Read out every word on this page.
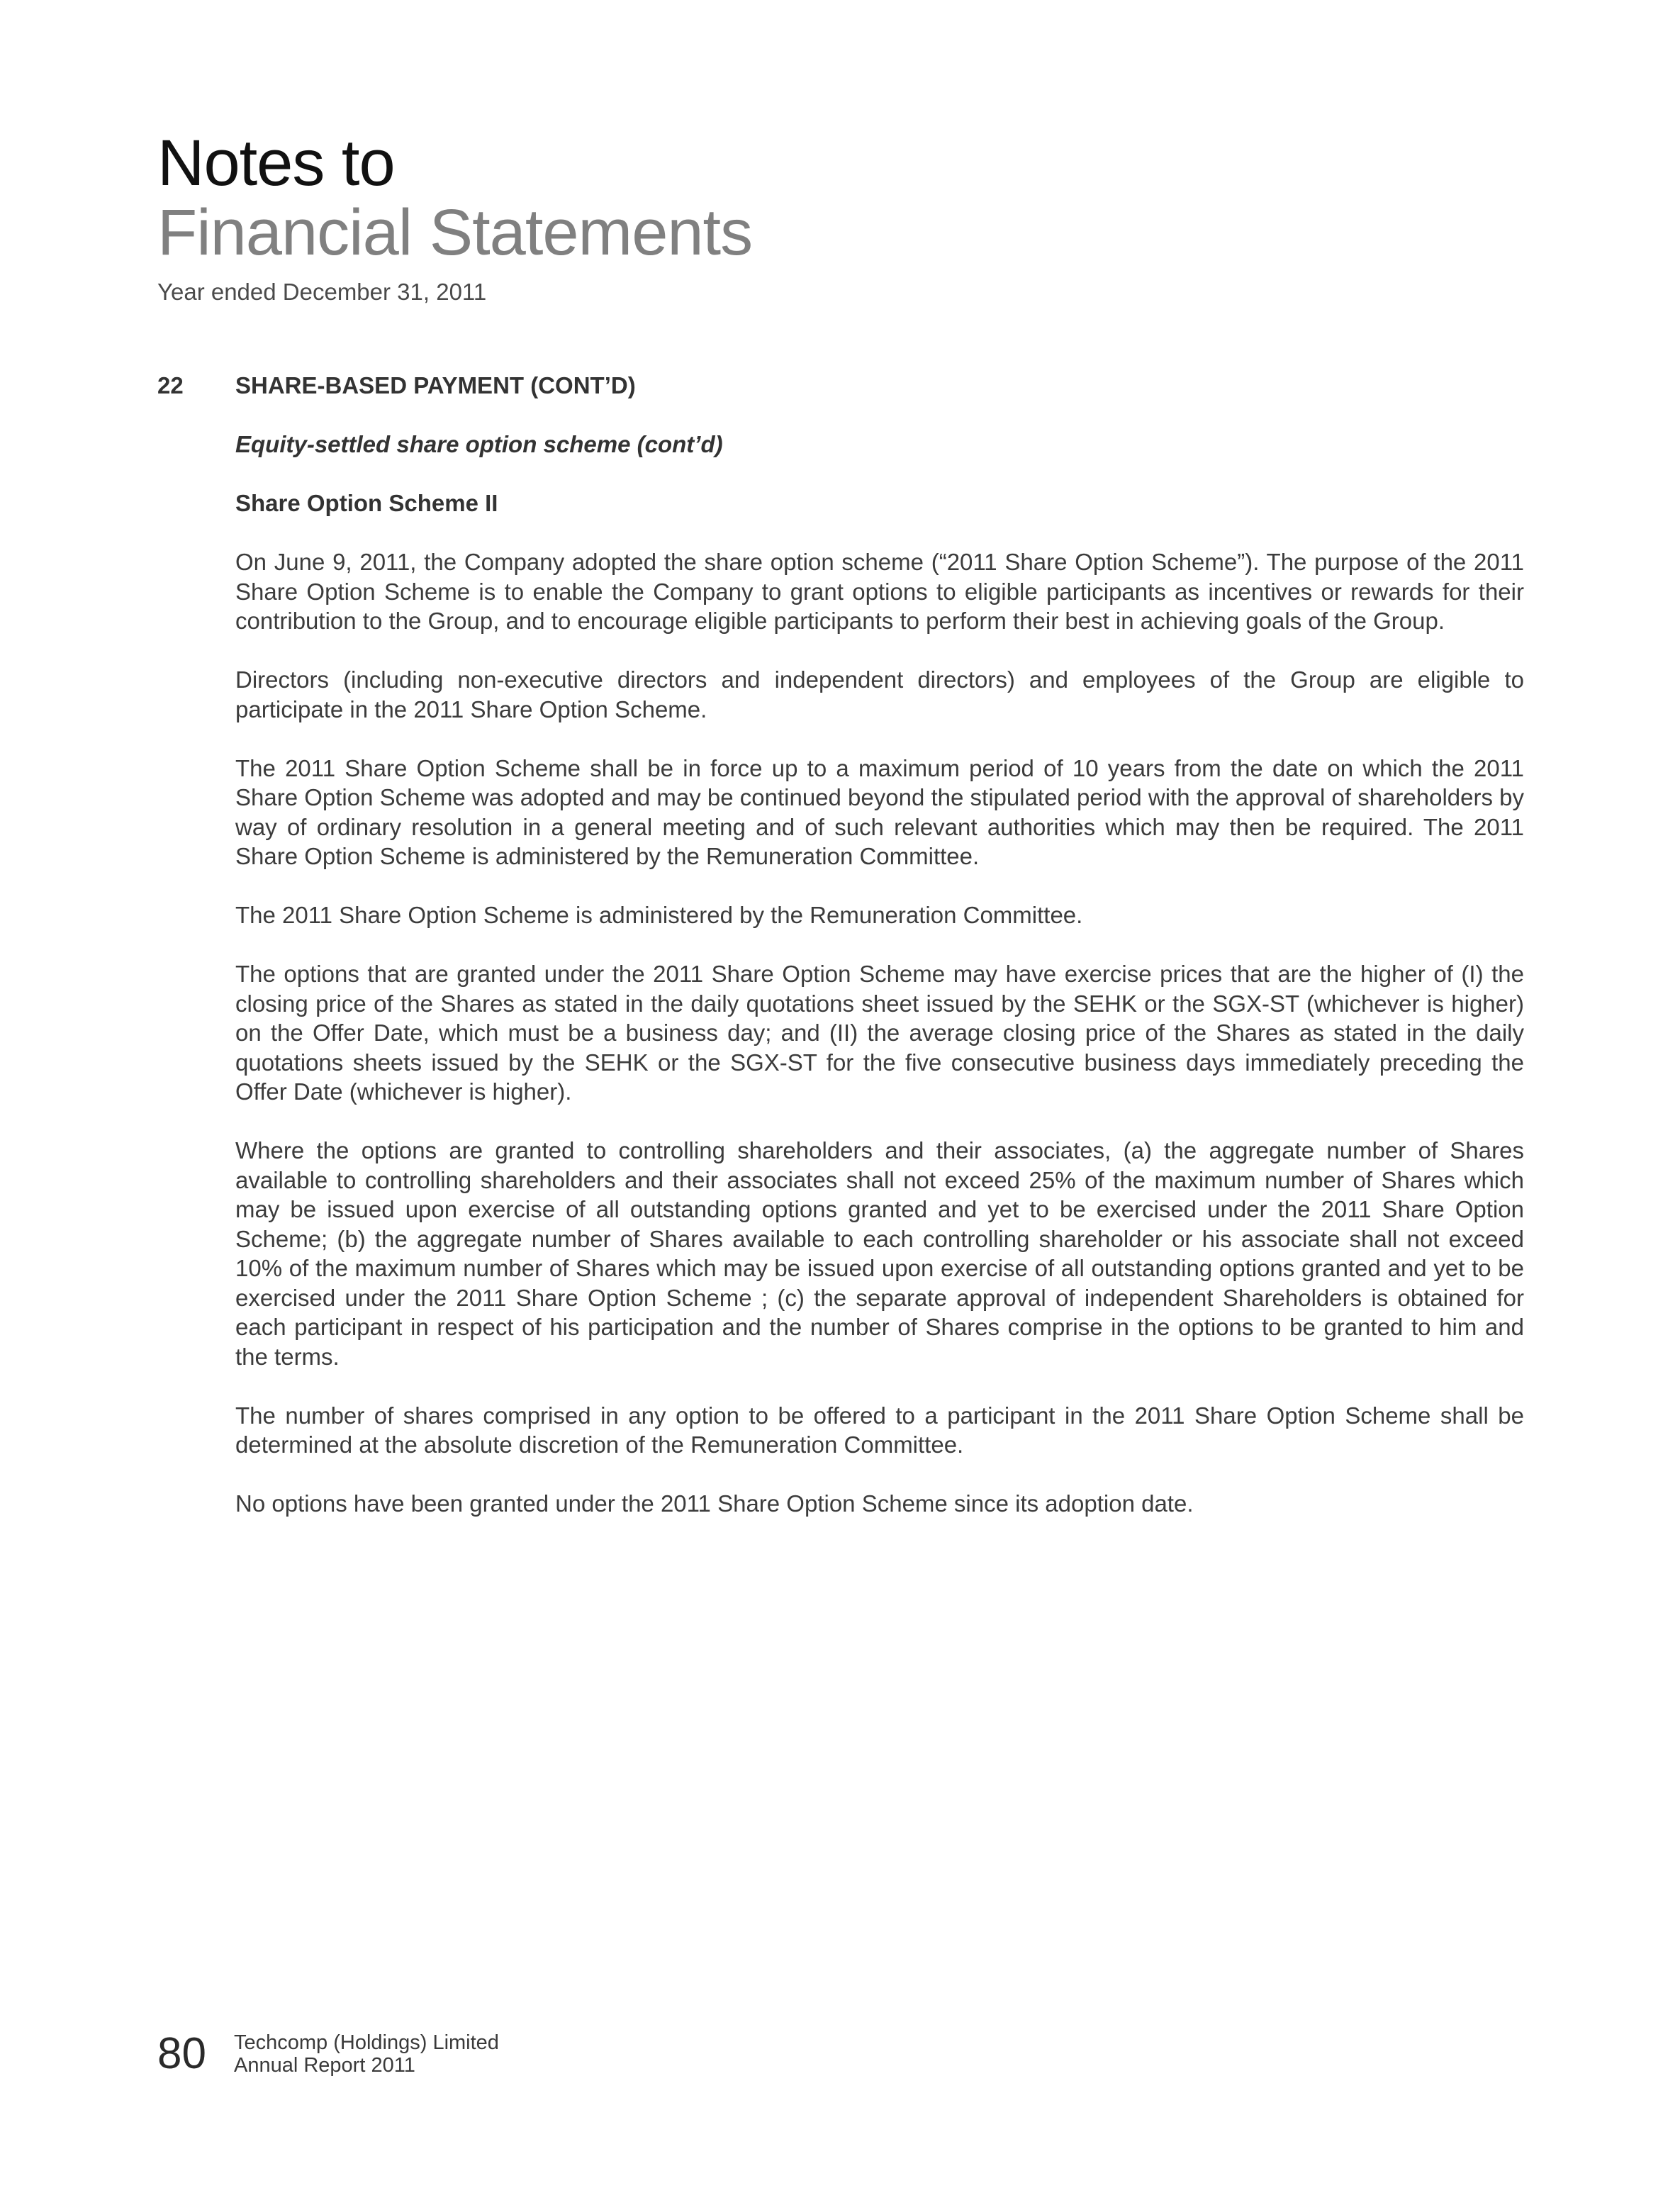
Notes to
Financial Statements
Year ended December 31, 2011
22 SHARE-BASED PAYMENT (CONT’D)

Equity-settled share option scheme (cont’d)

Share Option Scheme II

On June 9, 2011, the Company adopted the share option scheme (“2011 Share Option Scheme”). The purpose of the 2011 Share Option Scheme is to enable the Company to grant options to eligible participants as incentives or rewards for their contribution to the Group, and to encourage eligible participants to perform their best in achieving goals of the Group.

Directors (including non-executive directors and independent directors) and employees of the Group are eligible to participate in the 2011 Share Option Scheme.

The 2011 Share Option Scheme shall be in force up to a maximum period of 10 years from the date on which the 2011 Share Option Scheme was adopted and may be continued beyond the stipulated period with the approval of shareholders by way of ordinary resolution in a general meeting and of such relevant authorities which may then be required. The 2011 Share Option Scheme is administered by the Remuneration Committee.

The 2011 Share Option Scheme is administered by the Remuneration Committee.

The options that are granted under the 2011 Share Option Scheme may have exercise prices that are the higher of (I) the closing price of the Shares as stated in the daily quotations sheet issued by the SEHK or the SGX-ST (whichever is higher) on the Offer Date, which must be a business day; and (II) the average closing price of the Shares as stated in the daily quotations sheets issued by the SEHK or the SGX-ST for the five consecutive business days immediately preceding the Offer Date (whichever is higher).

Where the options are granted to controlling shareholders and their associates, (a) the aggregate number of Shares available to controlling shareholders and their associates shall not exceed 25% of the maximum number of Shares which may be issued upon exercise of all outstanding options granted and yet to be exercised under the 2011 Share Option Scheme; (b) the aggregate number of Shares available to each controlling shareholder or his associate shall not exceed 10% of the maximum number of Shares which may be issued upon exercise of all outstanding options granted and yet to be exercised under the 2011 Share Option Scheme ; (c) the separate approval of independent Shareholders is obtained for each participant in respect of his participation and the number of Shares comprise in the options to be granted to him and the terms.

The number of shares comprised in any option to be offered to a participant in the 2011 Share Option Scheme shall be determined at the absolute discretion of the Remuneration Committee.

No options have been granted under the 2011 Share Option Scheme since its adoption date.

80 Techcomp (Holdings) Limited
Annual Report 2011
